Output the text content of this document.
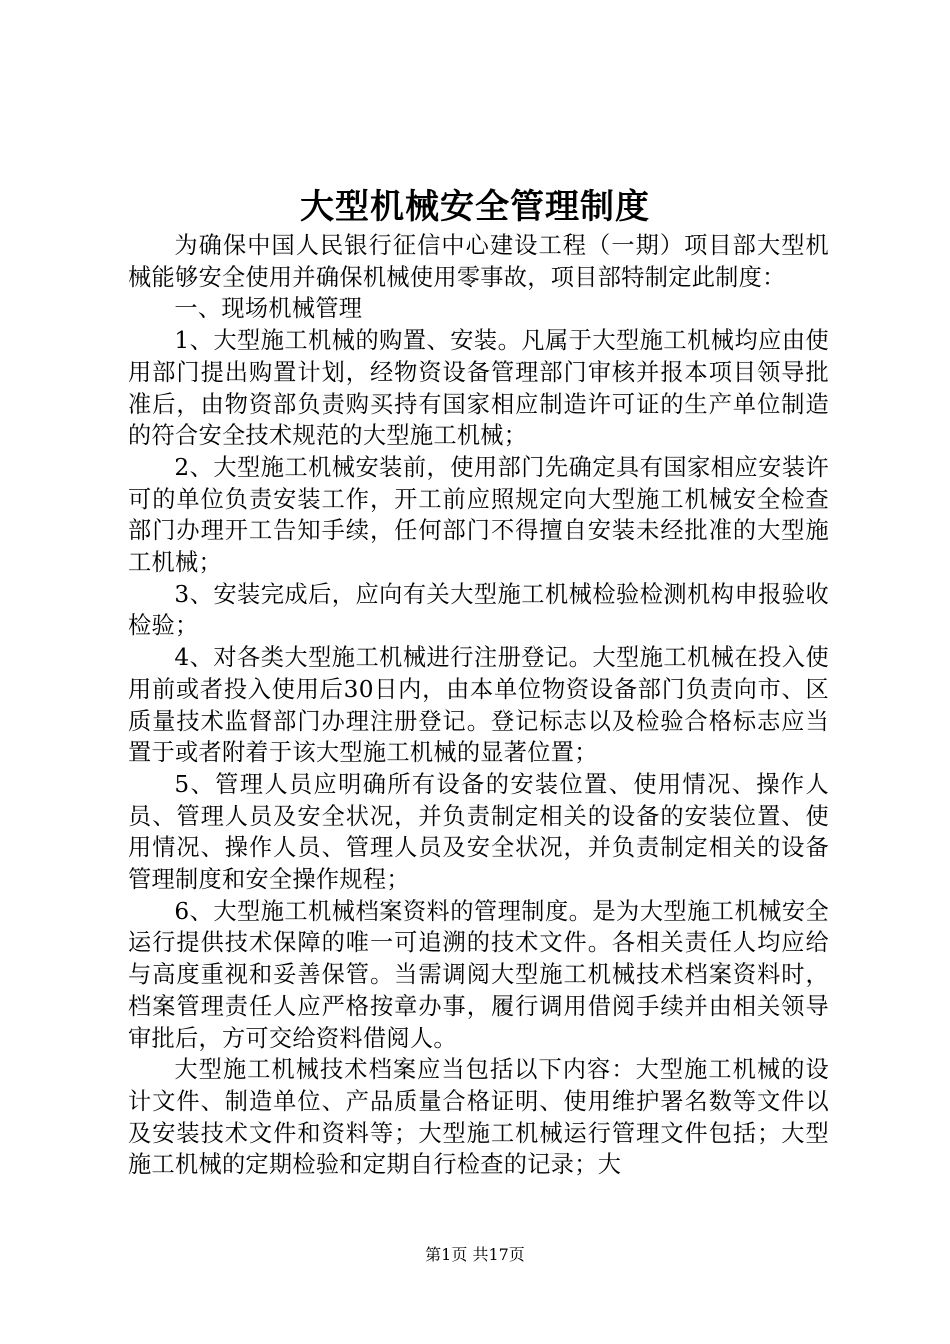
大型机械安全管理制度

为确保中国人民银行征信中心建设工程（一期）项目部大型机械能够安全使用并确保机械使用零事故，项目部特制定此制度：

一、现场机械管理

1、大型施工机械的购置、安装。凡属于大型施工机械均应由使用部门提出购置计划，经物资设备管理部门审核并报本项目领导批准后，由物资部负责购买持有国家相应制造许可证的生产单位制造的符合安全技术规范的大型施工机械；

2、大型施工机械安装前，使用部门先确定具有国家相应安装许可的单位负责安装工作，开工前应照规定向大型施工机械安全检查部门办理开工告知手续，任何部门不得擅自安装未经批准的大型施工机械；

3、安装完成后，应向有关大型施工机械检验检测机构申报验收检验；

4、对各类大型施工机械进行注册登记。大型施工机械在投入使用前或者投入使用后30日内，由本单位物资设备部门负责向市、区质量技术监督部门办理注册登记。登记标志以及检验合格标志应当置于或者附着于该大型施工机械的显著位置；

5、管理人员应明确所有设备的安装位置、使用情况、操作人员、管理人员及安全状况，并负责制定相关的设备的安装位置、使用情况、操作人员、管理人员及安全状况，并负责制定相关的设备管理制度和安全操作规程；

6、大型施工机械档案资料的管理制度。是为大型施工机械安全运行提供技术保障的唯一可追溯的技术文件。各相关责任人均应给与高度重视和妥善保管。当需调阅大型施工机械技术档案资料时，档案管理责任人应严格按章办事，履行调用借阅手续并由相关领导审批后，方可交给资料借阅人。

大型施工机械技术档案应当包括以下内容：大型施工机械的设计文件、制造单位、产品质量合格证明、使用维护署名数等文件以及安装技术文件和资料等；大型施工机械运行管理文件包括；大型施工机械的定期检验和定期自行检查的记录；大

第1页 共17页
